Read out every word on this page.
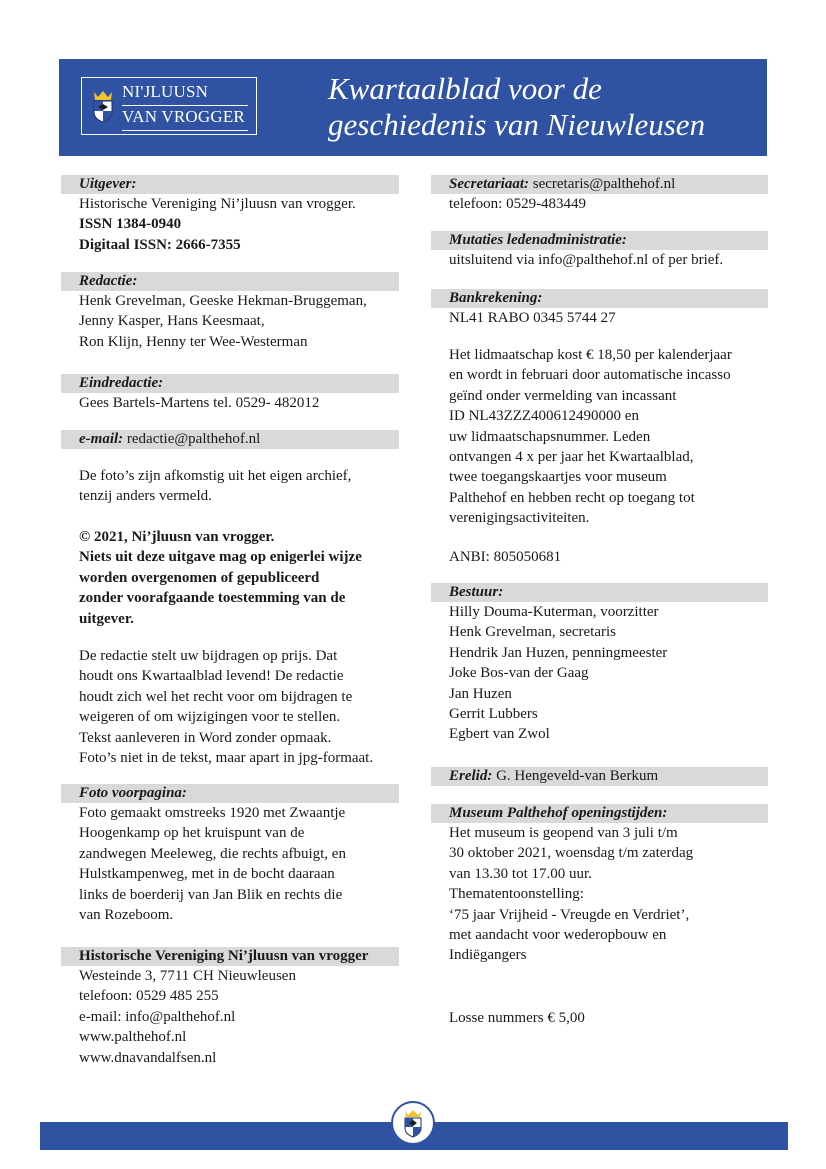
NI'JLUUSN
VAN VROGGER
Kwartaalblad voor de
geschiedenis van Nieuwleusen
Uitgever:
Historische Vereniging Ni’jluusn van vrogger.
ISSN 1384-0940
Digitaal ISSN: 2666-7355
Redactie:
Henk Grevelman, Geeske Hekman-Bruggeman,
Jenny Kasper, Hans Keesmaat,
Ron Klijn, Henny ter Wee-Westerman
Eindredactie:
Gees Bartels-Martens tel. 0529- 482012
e-mail: redactie@palthehof.nl
De foto’s zijn afkomstig uit het eigen archief,
tenzij anders vermeld.
© 2021, Ni’jluusn van vrogger.
Niets uit deze uitgave mag op enigerlei wijze
worden overgenomen of gepubliceerd
zonder voorafgaande toestemming van de
uitgever.
De redactie stelt uw bijdragen op prijs. Dat
houdt ons Kwartaalblad levend! De redactie
houdt zich wel het recht voor om bijdragen te
weigeren of om wijzigingen voor te stellen.
Tekst aanleveren in Word zonder opmaak.
Foto’s niet in de tekst, maar apart in jpg-formaat.
Foto voorpagina:
Foto gemaakt omstreeks 1920 met Zwaantje
Hoogenkamp op het kruispunt van de
zandwegen Meeleweg, die rechts afbuigt, en
Hulstkampenweg, met in de bocht daaraan
links de boerderij van Jan Blik en rechts die
van Rozeboom.
Historische Vereniging Ni’jluusn van vrogger
Westeinde 3, 7711 CH Nieuwleusen
telefoon: 0529 485 255
e-mail: info@palthehof.nl
www.palthehof.nl
www.dnavandalfsen.nl
Secretariaat: secretaris@palthehof.nl
telefoon: 0529-483449
Mutaties ledenadministratie:
uitsluitend via info@palthehof.nl of per brief.
Bankrekening:
NL41 RABO 0345 5744 27
Het lidmaatschap kost € 18,50 per kalenderjaar
en wordt in februari door automatische incasso
geïnd onder vermelding van incassant
ID NL43ZZZ400612490000 en
uw lidmaatschapsnummer. Leden
ontvangen 4 x per jaar het Kwartaalblad,
twee toegangskaartjes voor museum
Palthehof en hebben recht op toegang tot
verenigingsactiviteiten.
ANBI: 805050681
Bestuur:
Hilly Douma-Kuterman, voorzitter
Henk Grevelman, secretaris
Hendrik Jan Huzen, penningmeester
Joke Bos-van der Gaag
Jan Huzen
Gerrit Lubbers
Egbert van Zwol
Erelid: G. Hengeveld-van Berkum
Museum Palthehof openingstijden:
Het museum is geopend van 3 juli t/m
30 oktober 2021, woensdag t/m zaterdag
van 13.30 tot 17.00 uur.
Thematentoonstelling:
‘75 jaar Vrijheid - Vreugde en Verdriet’,
met aandacht voor wederopbouw en
Indiëgangers
Losse nummers € 5,00
